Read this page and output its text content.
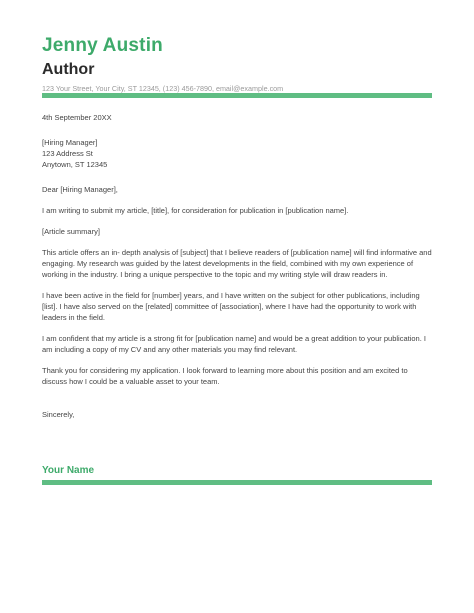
Jenny Austin
Author
123 Your Street, Your City, ST 12345, (123) 456-7890, email@example.com

4th September 20XX

[Hiring Manager]
123 Address St
Anytown, ST 12345

Dear [Hiring Manager],

I am writing to submit my article, [title], for consideration for publication in [publication name].

[Article summary]

This article offers an in- depth analysis of [subject] that I believe readers of [publication name] will find informative and engaging. My research was guided by the latest developments in the field, combined with my own experience of working in the industry. I bring a unique perspective to the topic and my writing style will draw readers in.

I have been active in the field for [number] years, and I have written on the subject for other publications, including [list]. I have also served on the [related] committee of [association], where I have had the opportunity to work with leaders in the field.

I am confident that my article is a strong fit for [publication name] and would be a great addition to your publication. I am including a copy of my CV and any other materials you may find relevant.

Thank you for considering my application. I look forward to learning more about this position and am excited to discuss how I could be a valuable asset to your team.

Sincerely,

Your Name
